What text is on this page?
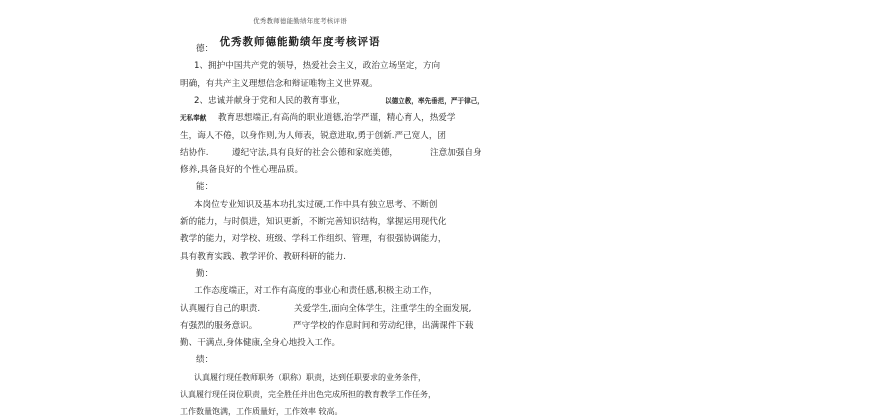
优秀教师德能勤绩年度考核评语
优秀教师德能勤绩年度考核评语
德：
1、拥护中国共产党的领导，热爱社会主义，政治立场坚定，方向
明确，有共产主义理想信念和辩证唯物主义世界观。
2、忠诚并献身于党和人民的教育事业，	以德立教，率先垂范，严于律己，
无私奉献	教育思想端正,有高尚的职业道德,治学严谨，精心育人，热爱学
生，诲人不倦，以身作则,为人师表，锐意进取,勇于创新.严己宽人，团
结协作.	遵纪守法,具有良好的社会公德和家庭美德，	注意加强自身
修养,具备良好的个性心理品质。
能：
本岗位专业知识及基本功扎实过硬,工作中具有独立思考、不断创
新的能力，与时俱进，知识更新，不断完善知识结构，掌握运用现代化
教学的能力，对学校、班级、学科工作组织、管理，有很强协调能力，
具有教育实践、教学评价、教研科研的能力.
勤：
工作态度端正，对工作有高度的事业心和责任感,积极主动工作，
认真履行自己的职责.	关爱学生,面向全体学生，注重学生的全面发展,
有强烈的服务意识。	严守学校的作息时间和劳动纪律，出满课件下载
勤、干满点,身体健康,全身心地投入工作。
绩：
认真履行现任教师职务（职称）职责，达到任职要求的业务条件，
认真履行现任岗位职责，完全胜任并出色完成所担的教育教学工作任务，
工作数量饱满，工作质量好，工作效率 较高。
